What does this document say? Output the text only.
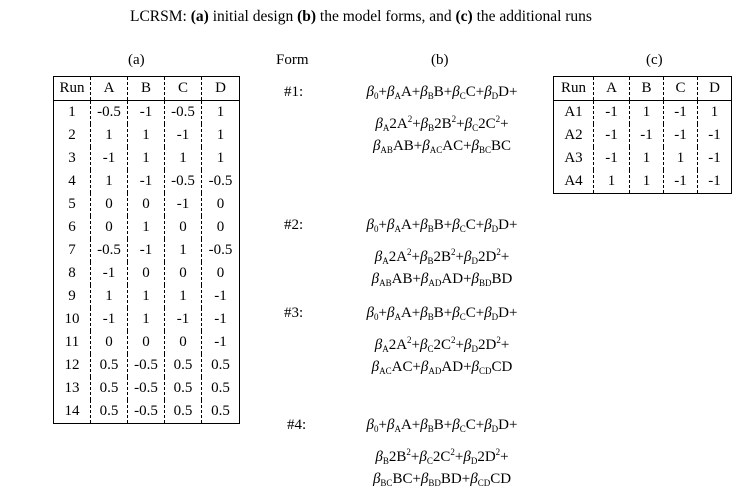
LCRSM: (a) initial design (b) the model forms, and (c) the additional runs
(a)	Form	(b)	(c)
Run	A	B	C	D
1	-0.5	-1	-0.5	1
2	1	1	-1	1
3	-1	1	1	1
4	1	-1	-0.5	-0.5
5	0	0	-1	0
6	0	1	0	0
7	-0.5	-1	1	-0.5
8	-1	0	0	0
9	1	1	1	-1
10	-1	1	-1	-1
11	0	0	0	-1
12	0.5	-0.5	0.5	0.5
13	0.5	-0.5	0.5	0.5
14	0.5	-0.5	0.5	0.5
#1:	$\beta_0+\beta_AA+\beta_BB+\beta_CC+\beta_DD+$
$\beta_A2A^2+\beta_B2B^2+\beta_C2C^2+$
$\beta_{AB}AB+\beta_{AC}AC+\beta_{BC}BC$
#2:	$\beta_0+\beta_AA+\beta_BB+\beta_CC+\beta_DD+$
$\beta_A2A^2+\beta_B2B^2+\beta_D2D^2+$
$\beta_{AB}AB+\beta_{AD}AD+\beta_{BD}BD$
#3:	$\beta_0+\beta_AA+\beta_BB+\beta_CC+\beta_DD+$
$\beta_A2A^2+\beta_C2C^2+\beta_D2D^2+$
$\beta_{AC}AC+\beta_{AD}AD+\beta_{CD}CD$
#4:	$\beta_0+\beta_AA+\beta_BB+\beta_CC+\beta_DD+$
$\beta_B2B^2+\beta_C2C^2+\beta_D2D^2+$
$\beta_{BC}BC+\beta_{BD}BD+\beta_{CD}CD$
Run	A	B	C	D
A1	-1	1	-1	1
A2	-1	-1	-1	-1
A3	-1	1	1	-1
A4	1	1	-1	-1
